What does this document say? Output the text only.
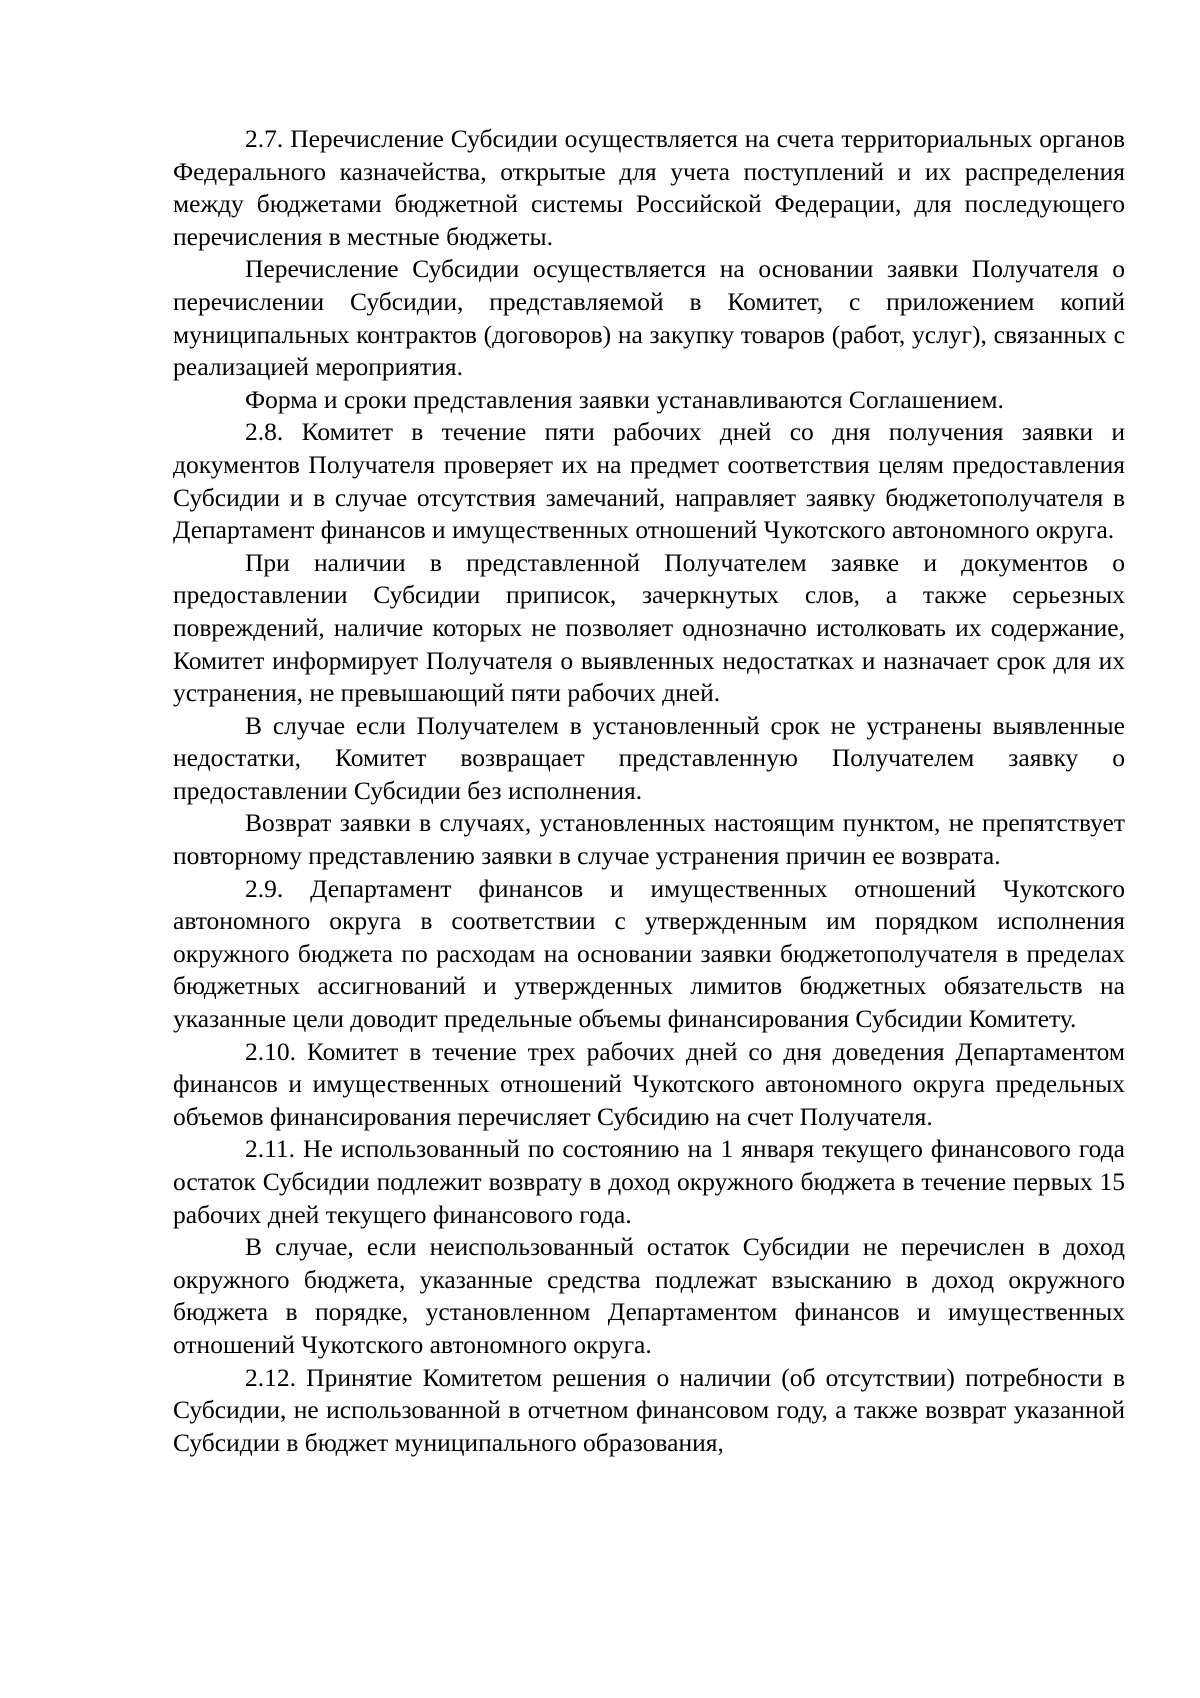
2.7. Перечисление Субсидии осуществляется на счета территориальных органов Федерального казначейства, открытые для учета поступлений и их распределения между бюджетами бюджетной системы Российской Федерации, для последующего перечисления в местные бюджеты.

Перечисление Субсидии осуществляется на основании заявки Получателя о перечислении Субсидии, представляемой в Комитет, с приложением копий муниципальных контрактов (договоров) на закупку товаров (работ, услуг), связанных с реализацией мероприятия.

Форма и сроки представления заявки устанавливаются Соглашением.

2.8. Комитет в течение пяти рабочих дней со дня получения заявки и документов Получателя проверяет их на предмет соответствия целям предоставления Субсидии и в случае отсутствия замечаний, направляет заявку бюджетополучателя в Департамент финансов и имущественных отношений Чукотского автономного округа.

При наличии в представленной Получателем заявке и документов о предоставлении Субсидии приписок, зачеркнутых слов, а также серьезных повреждений, наличие которых не позволяет однозначно истолковать их содержание, Комитет информирует Получателя о выявленных недостатках и назначает срок для их устранения, не превышающий пяти рабочих дней.

В случае если Получателем в установленный срок не устранены выявленные недостатки, Комитет возвращает представленную Получателем заявку о предоставлении Субсидии без исполнения.

Возврат заявки в случаях, установленных настоящим пунктом, не препятствует повторному представлению заявки в случае устранения причин ее возврата.

2.9. Департамент финансов и имущественных отношений Чукотского автономного округа в соответствии с утвержденным им порядком исполнения окружного бюджета по расходам на основании заявки бюджетополучателя в пределах бюджетных ассигнований и утвержденных лимитов бюджетных обязательств на указанные цели доводит предельные объемы финансирования Субсидии Комитету.

2.10. Комитет в течение трех рабочих дней со дня доведения Департаментом финансов и имущественных отношений Чукотского автономного округа предельных объемов финансирования перечисляет Субсидию на счет Получателя.

2.11. Не использованный по состоянию на 1 января текущего финансового года остаток Субсидии подлежит возврату в доход окружного бюджета в течение первых 15 рабочих дней текущего финансового года.

В случае, если неиспользованный остаток Субсидии не перечислен в доход окружного бюджета, указанные средства подлежат взысканию в доход окружного бюджета в порядке, установленном Департаментом финансов и имущественных отношений Чукотского автономного округа.

2.12. Принятие Комитетом решения о наличии (об отсутствии) потребности в Субсидии, не использованной в отчетном финансовом году, а также возврат указанной Субсидии в бюджет муниципального образования,
